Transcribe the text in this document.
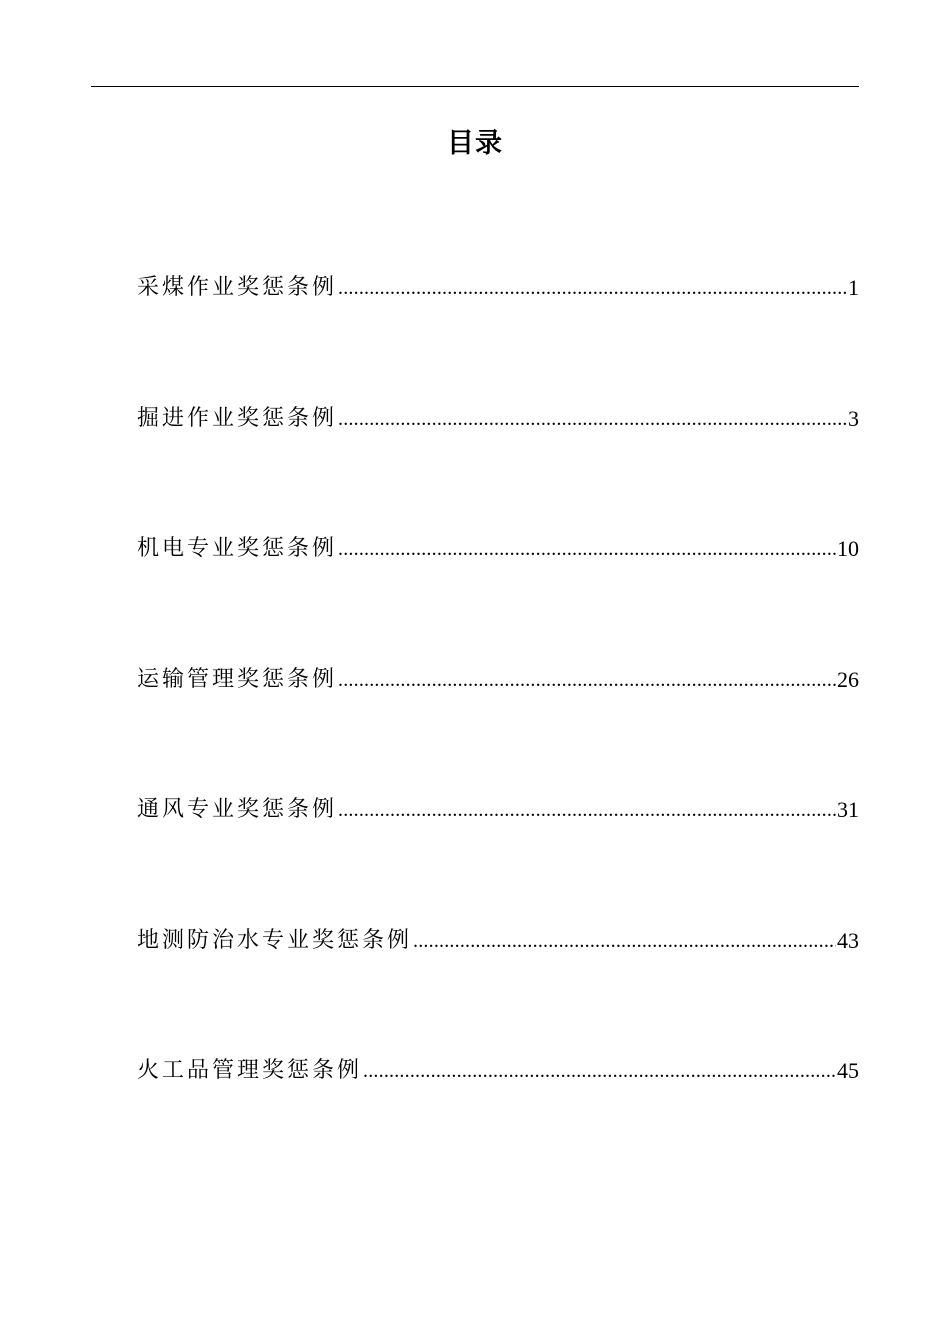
目录
采煤作业奖惩条例 .....	1
掘进作业奖惩条例 .....	3
机电专业奖惩条例 .....	10
运输管理奖惩条例 .....	26
通风专业奖惩条例 .....	31
地测防治水专业奖惩条例 .....	43
火工品管理奖惩条例 .....	45
